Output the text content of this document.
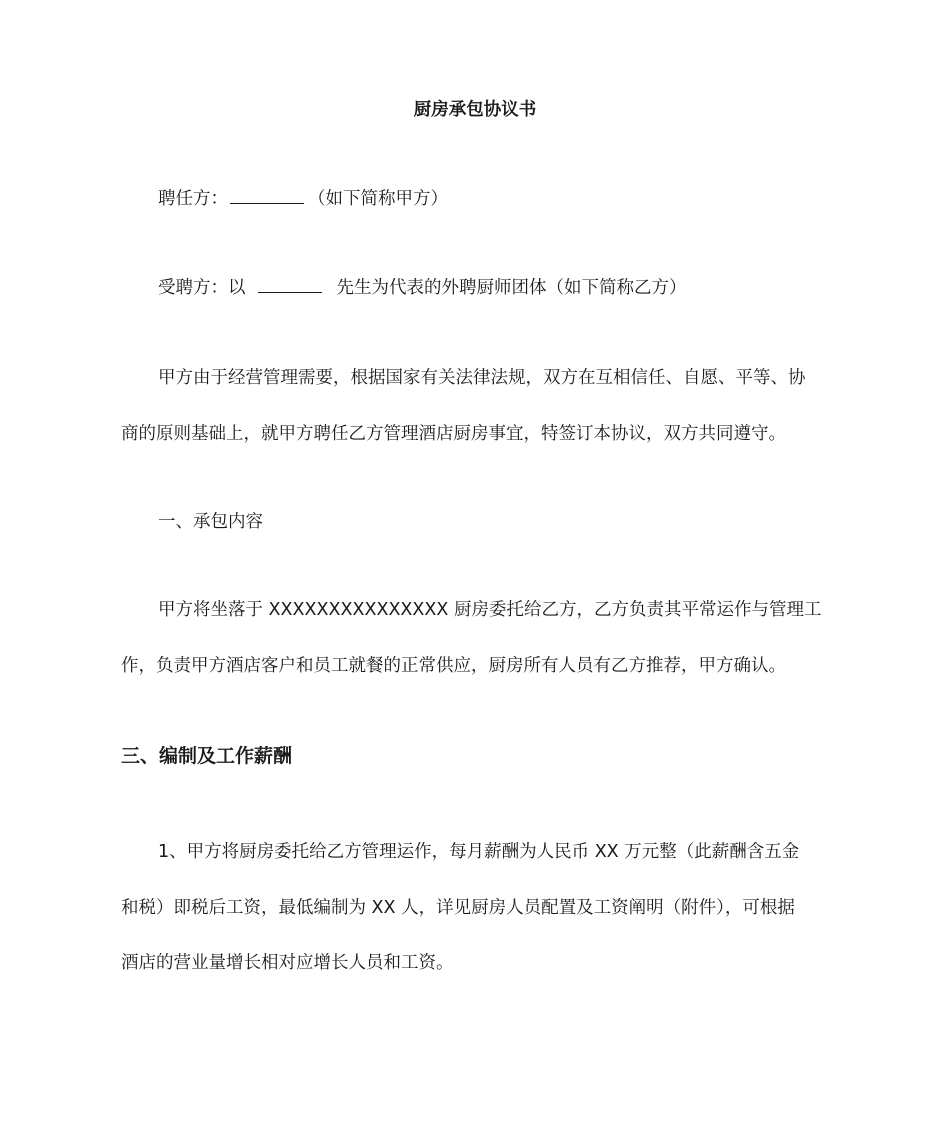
厨房承包协议书
聘任方：	（如下简称甲方）
受聘方：以	先生为代表的外聘厨师团体（如下简称乙方）
甲方由于经营管理需要，根据国家有关法律法规，双方在互相信任、自愿、平等、协
商的原则基础上，就甲方聘任乙方管理酒店厨房事宜，特签订本协议，双方共同遵守。
一、承包内容
甲方将坐落于 XXXXXXXXXXXXXXX 厨房委托给乙方，乙方负责其平常运作与管理工
作，负责甲方酒店客户和员工就餐的正常供应，厨房所有人员有乙方推荐，甲方确认。
三、编制及工作薪酬
1、甲方将厨房委托给乙方管理运作，每月薪酬为人民币 XX 万元整（此薪酬含五金
和税）即税后工资，最低编制为 XX 人，详见厨房人员配置及工资阐明（附件），可根据
酒店的营业量增长相对应增长人员和工资。
